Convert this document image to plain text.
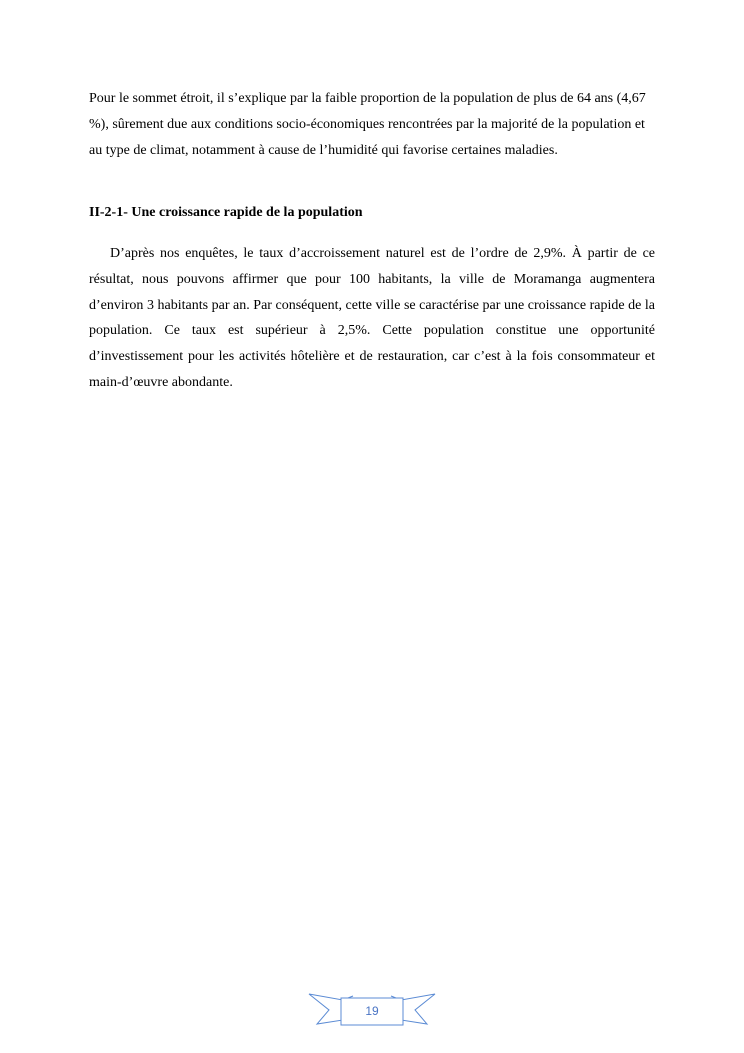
Pour le sommet étroit, il s’explique par la faible proportion de la population de plus de 64 ans (4,67 %), sûrement due aux conditions socio-économiques rencontrées par la majorité de la population et au type de climat, notamment à cause de l’humidité qui favorise certaines maladies.

II-2-1- Une croissance rapide de la population

D’après nos enquêtes, le taux d’accroissement naturel est de l’ordre de 2,9%. À partir de ce résultat, nous pouvons affirmer que pour 100 habitants, la ville de Moramanga augmentera d’environ 3 habitants par an. Par conséquent, cette ville se caractérise par une croissance rapide de la population. Ce taux est supérieur à 2,5%. Cette population constitue une opportunité d’investissement pour les activités hôtelière et de restauration, car c’est à la fois consommateur et main-d’œuvre abondante.

19
